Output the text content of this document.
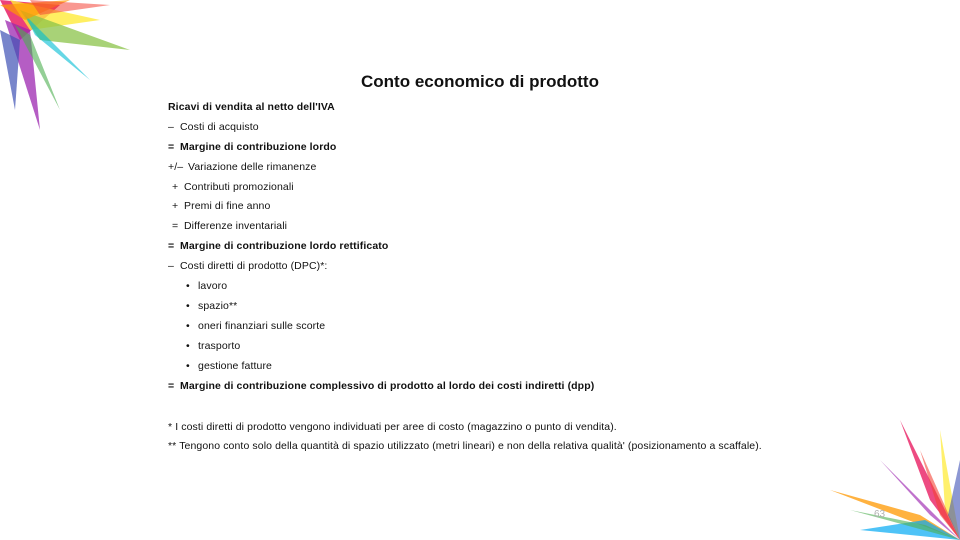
Conto economico di prodotto
Ricavi di vendita al netto dell'IVA
– Costi di acquisto
= Margine di contribuzione lordo
+/– Variazione delle rimanenze
+ Contributi promozionali
+ Premi di fine anno
= Differenze inventariali
= Margine di contribuzione lordo rettificato
– Costi diretti di prodotto (DPC)*:
• lavoro
• spazio**
• oneri finanziari sulle scorte
• trasporto
• gestione fatture
= Margine di contribuzione complessivo di prodotto al lordo dei costi indiretti (dpp)
* I costi diretti di prodotto vengono individuati per aree di costo (magazzino o punto di vendita).
** Tengono conto solo della quantità di spazio utilizzato (metri lineari) e non della relativa qualità' (posizionamento a scaffale).
63
